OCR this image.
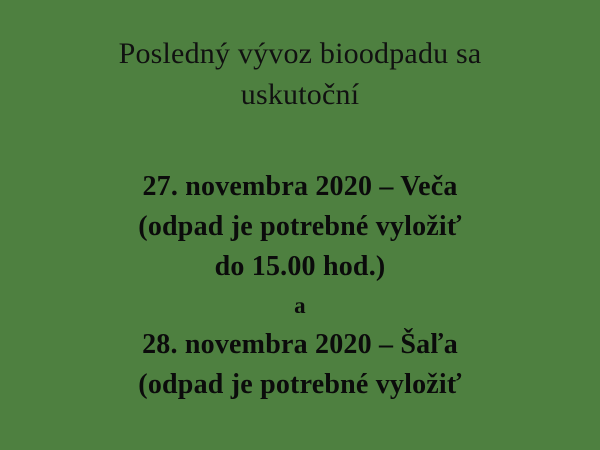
Posledný vývoz bioodpadu sa
uskutoční
27. novembra 2020 – Veča
(odpad je potrebné vyložiť
do 15.00 hod.)
a
28. novembra 2020 – Šaľa
(odpad je potrebné vyložiť
